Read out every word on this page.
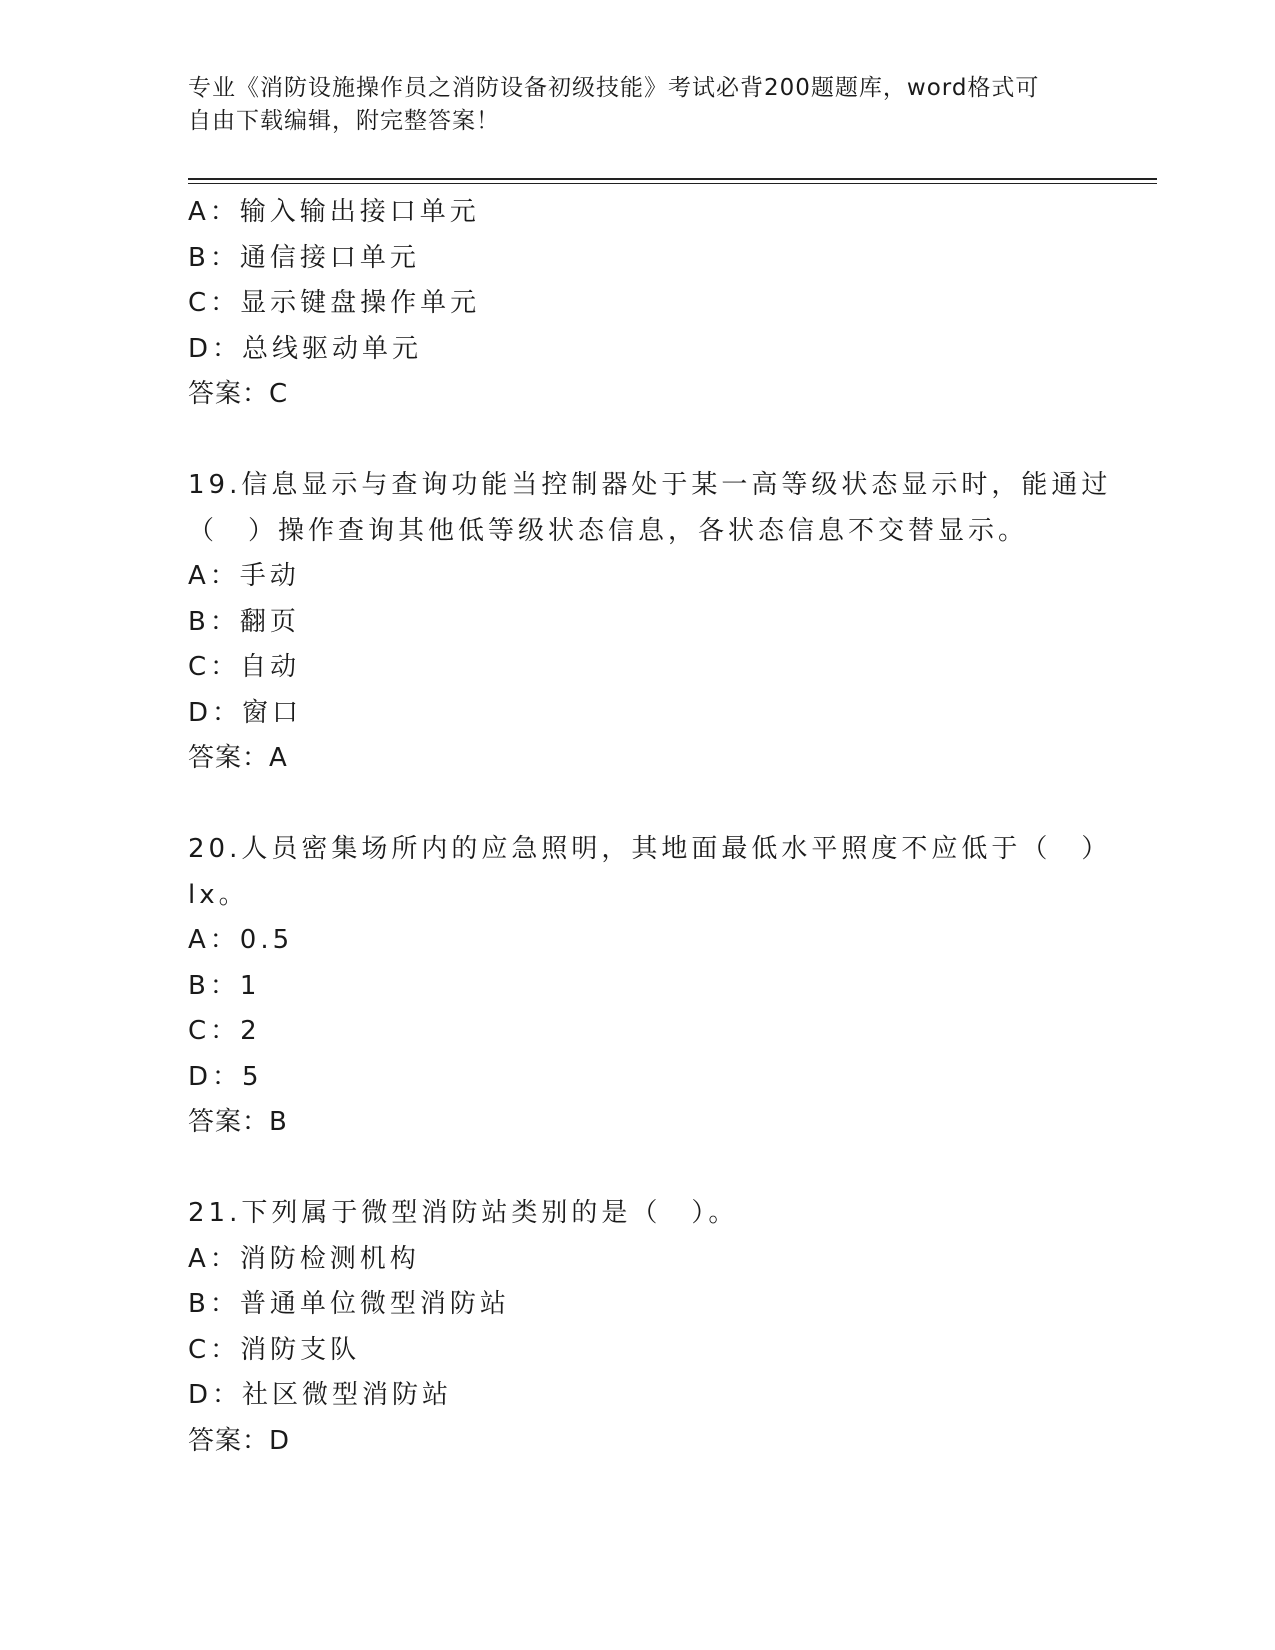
专业《消防设施操作员之消防设备初级技能》考试必背200题题库，word格式可
自由下载编辑，附完整答案！
A：输入输出接口单元
B：通信接口单元
C：显示键盘操作单元
D：总线驱动单元
答案：C
19.信息显示与查询功能当控制器处于某一高等级状态显示时，能通过
（　）操作查询其他低等级状态信息，各状态信息不交替显示。
A：手动
B：翻页
C：自动
D：窗口
答案：A
20.人员密集场所内的应急照明，其地面最低水平照度不应低于（　）
lx。
A：0.5
B：1
C：2
D：5
答案：B
21.下列属于微型消防站类别的是（　）。
A：消防检测机构
B：普通单位微型消防站
C：消防支队
D：社区微型消防站
答案：D
